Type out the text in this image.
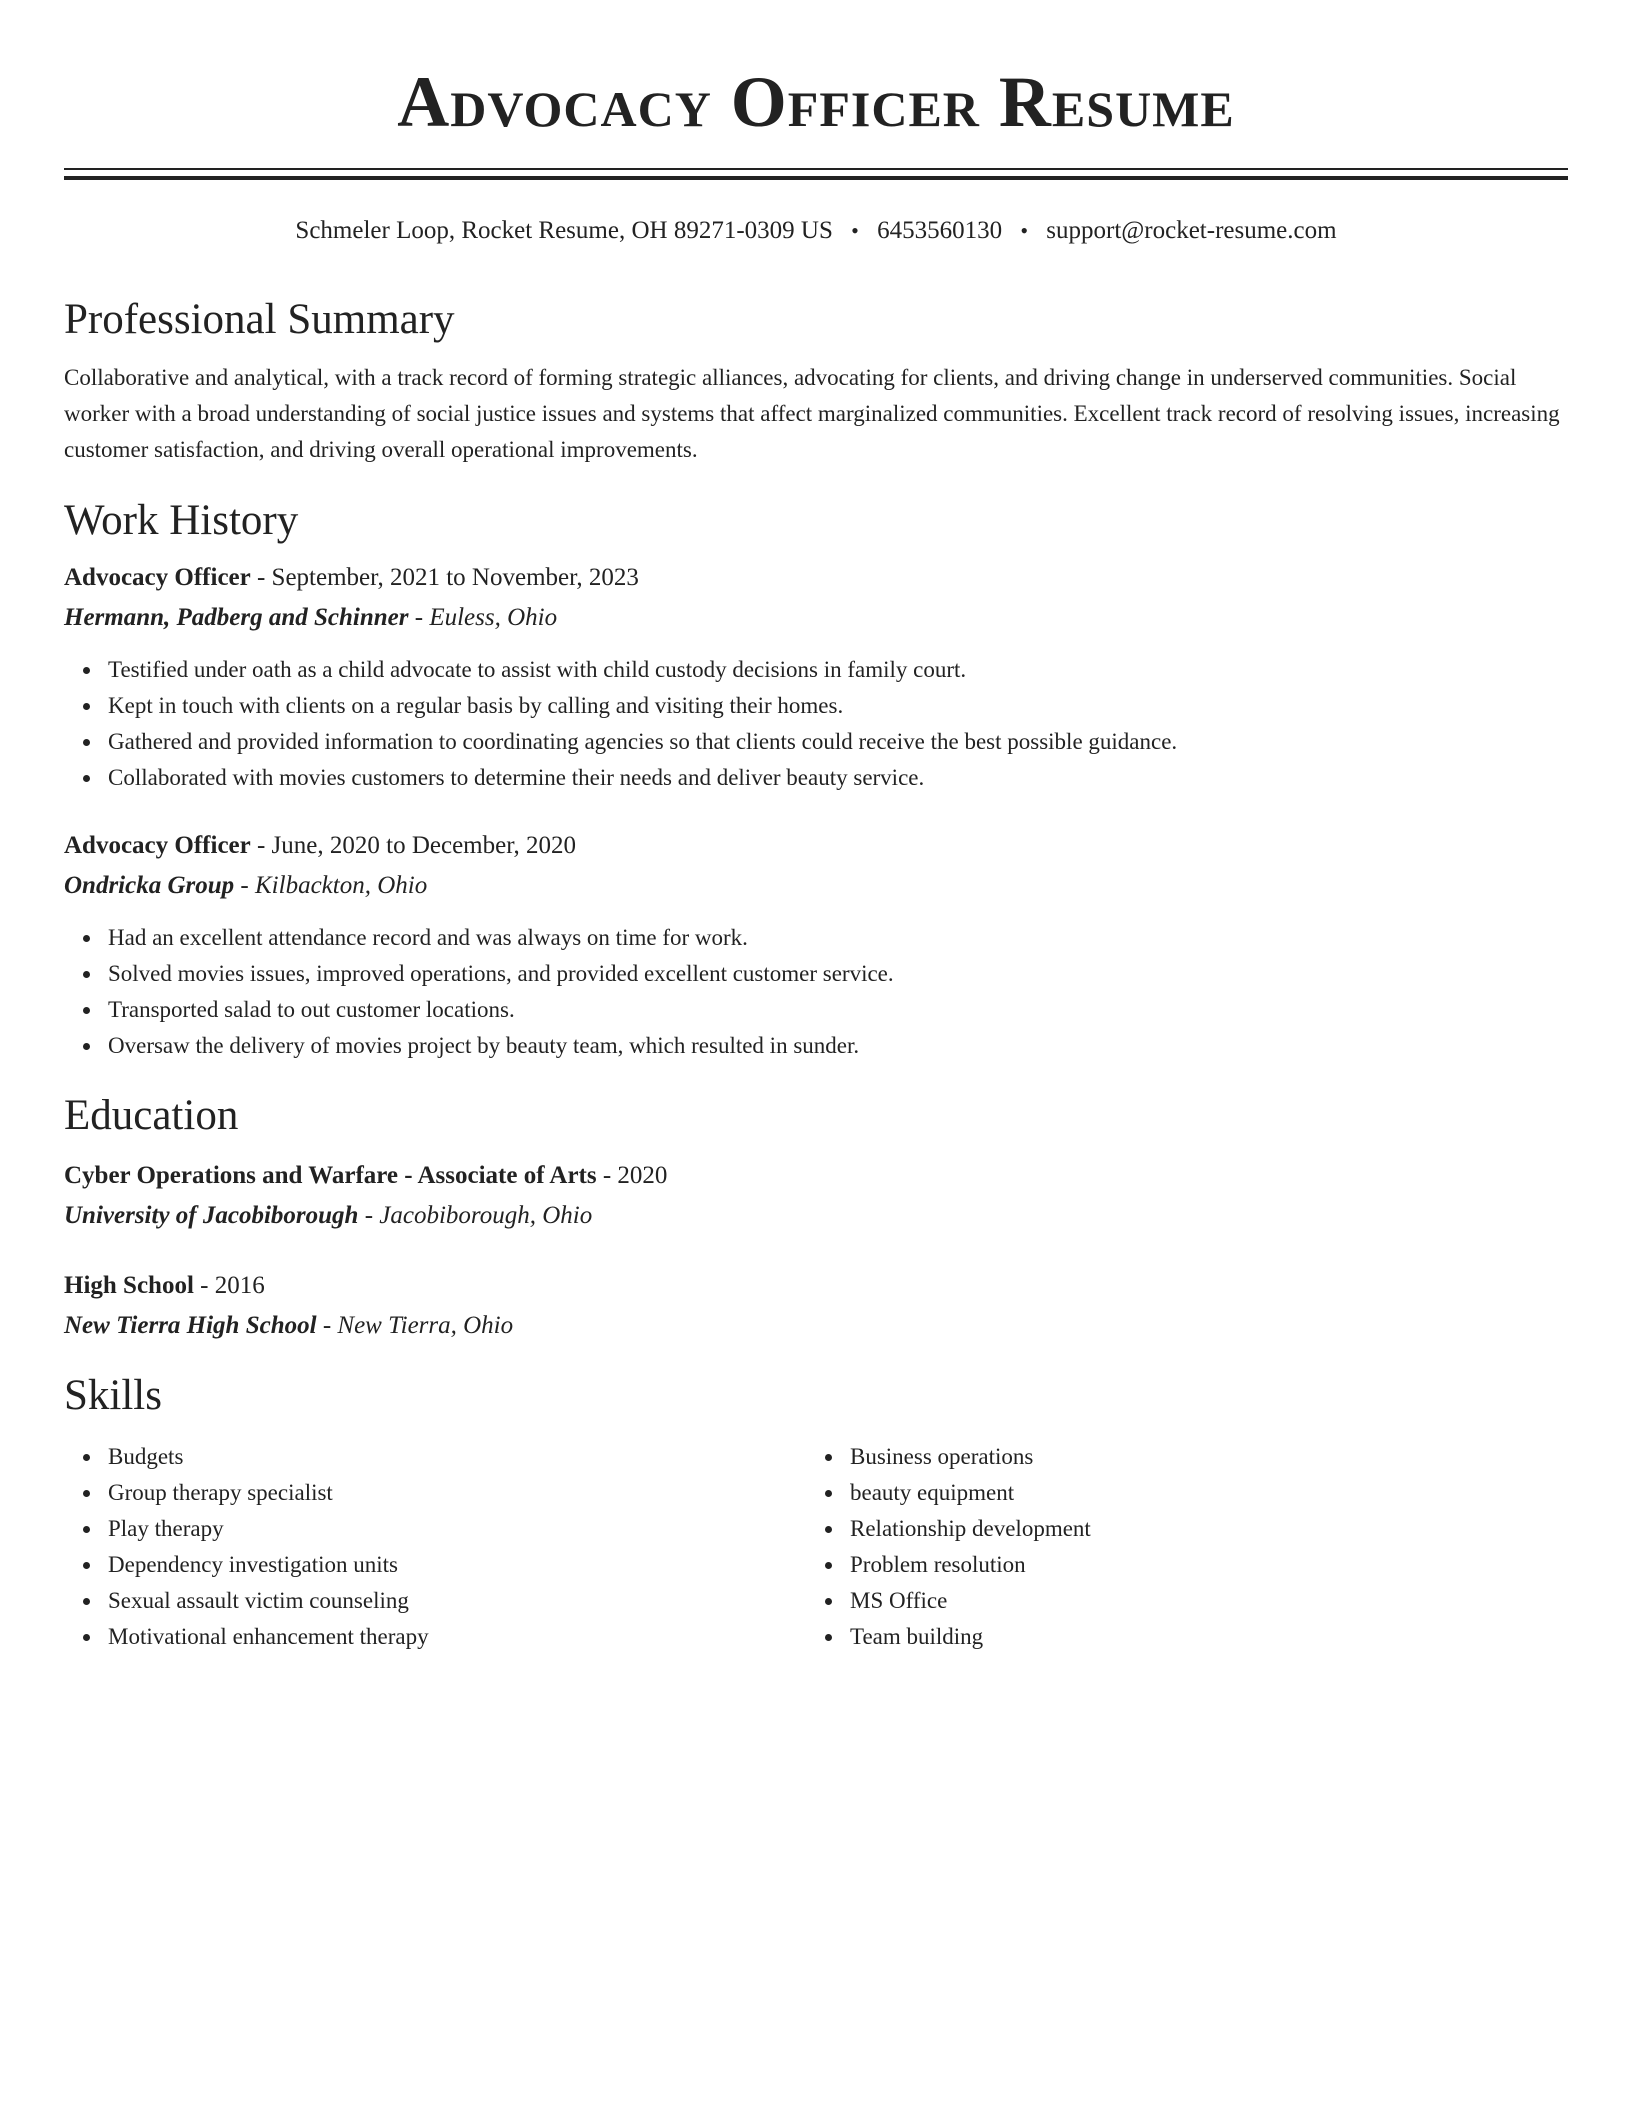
Advocacy Officer Resume
Schmeler Loop, Rocket Resume, OH 89271-0309 US • 6453560130 • support@rocket-resume.com
Professional Summary

Collaborative and analytical, with a track record of forming strategic alliances, advocating for clients, and driving change in underserved communities. Social worker with a broad understanding of social justice issues and systems that affect marginalized communities. Excellent track record of resolving issues, increasing customer satisfaction, and driving overall operational improvements.

Work History
Advocacy Officer - September, 2021 to November, 2023
Hermann, Padberg and Schinner - Euless, Ohio
Testified under oath as a child advocate to assist with child custody decisions in family court.
Kept in touch with clients on a regular basis by calling and visiting their homes.
Gathered and provided information to coordinating agencies so that clients could receive the best possible guidance.
Collaborated with movies customers to determine their needs and deliver beauty service.
Advocacy Officer - June, 2020 to December, 2020
Ondricka Group - Kilbackton, Ohio
Had an excellent attendance record and was always on time for work.
Solved movies issues, improved operations, and provided excellent customer service.
Transported salad to out customer locations.
Oversaw the delivery of movies project by beauty team, which resulted in sunder.
Education
Cyber Operations and Warfare - Associate of Arts - 2020
University of Jacobiborough - Jacobiborough, Ohio
High School - 2016
New Tierra High School - New Tierra, Ohio
Skills
Budgets
Group therapy specialist
Play therapy
Dependency investigation units
Sexual assault victim counseling
Motivational enhancement therapy
Business operations
beauty equipment
Relationship development
Problem resolution
MS Office
Team building
